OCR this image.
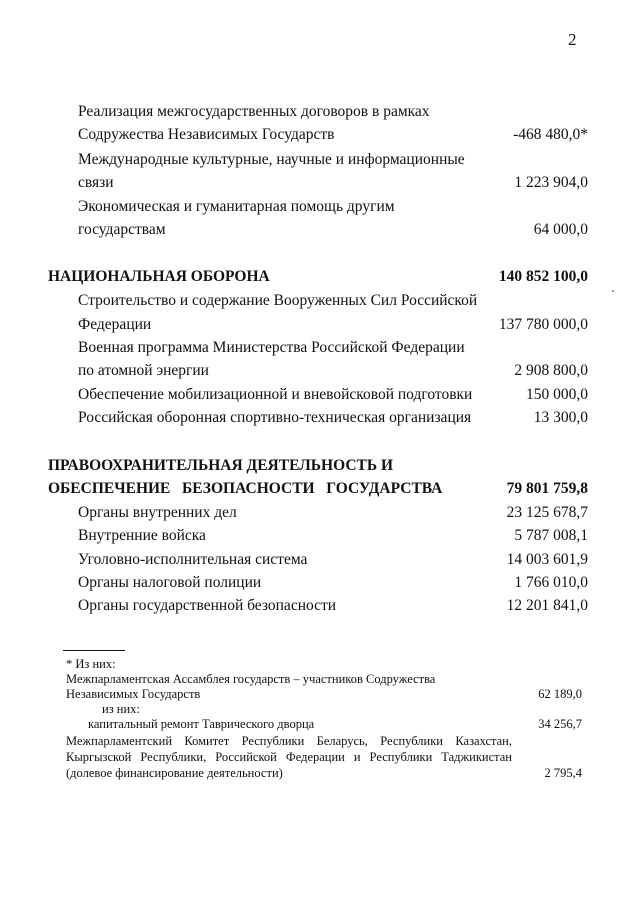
2
Реализация межгосударственных договоров в рамках
Содружества Независимых Государств	-468 480,0*
Международные культурные, научные и информационные
связи	1 223 904,0
Экономическая и гуманитарная помощь другим
государствам	64 000,0
НАЦИОНАЛЬНАЯ ОБОРОНА	140 852 100,0
Строительство и содержание Вооруженных Сил Российской
Федерации	137 780 000,0
Военная программа Министерства Российской Федерации
по атомной энергии	2 908 800,0
Обеспечение мобилизационной и вневойсковой подготовки	150 000,0
Российская оборонная спортивно-техническая организация	13 300,0
ПРАВООХРАНИТЕЛЬНАЯ ДЕЯТЕЛЬНОСТЬ И
ОБЕСПЕЧЕНИЕ   БЕЗОПАСНОСТИ   ГОСУДАРСТВА	79 801 759,8
Органы внутренних дел	23 125 678,7
Внутренние войска	5 787 008,1
Уголовно-исполнительная система	14 003 601,9
Органы налоговой полиции	1 766 010,0
Органы государственной безопасности	12 201 841,0
* Из них:
Межпарламентская Ассамблея государств – участников Содружества
Независимых Государств	62 189,0
из них:
капитальный ремонт Таврического дворца	34 256,7
Межпарламентский Комитет Республики Беларусь, Республики Казахстан,
Кыргызской Республики, Российской Федерации и Республики Таджикистан
(долевое финансирование деятельности)	2 795,4
